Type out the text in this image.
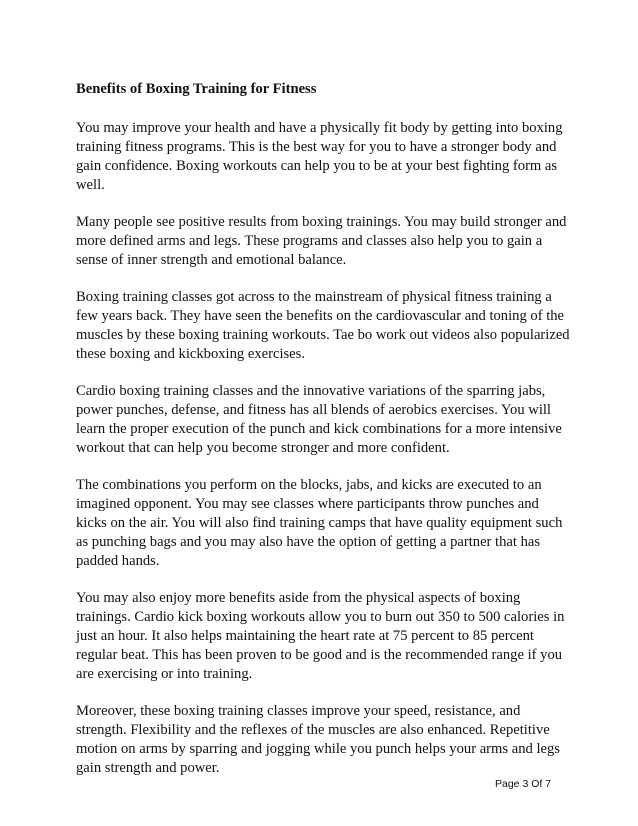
Benefits of Boxing Training for Fitness

You may improve your health and have a physically fit body by getting into boxing training fitness programs. This is the best way for you to have a stronger body and gain confidence. Boxing workouts can help you to be at your best fighting form as well.

Many people see positive results from boxing trainings. You may build stronger and more defined arms and legs. These programs and classes also help you to gain a sense of inner strength and emotional balance.

Boxing training classes got across to the mainstream of physical fitness training a few years back. They have seen the benefits on the cardiovascular and toning of the muscles by these boxing training workouts. Tae bo work out videos also popularized these boxing and kickboxing exercises.

Cardio boxing training classes and the innovative variations of the sparring jabs, power punches, defense, and fitness has all blends of aerobics exercises. You will learn the proper execution of the punch and kick combinations for a more intensive workout that can help you become stronger and more confident.

The combinations you perform on the blocks, jabs, and kicks are executed to an imagined opponent. You may see classes where participants throw punches and kicks on the air. You will also find training camps that have quality equipment such as punching bags and you may also have the option of getting a partner that has padded hands.

You may also enjoy more benefits aside from the physical aspects of boxing trainings. Cardio kick boxing workouts allow you to burn out 350 to 500 calories in just an hour. It also helps maintaining the heart rate at 75 percent to 85 percent regular beat. This has been proven to be good and is the recommended range if you are exercising or into training.

Moreover, these boxing training classes improve your speed, resistance, and strength. Flexibility and the reflexes of the muscles are also enhanced. Repetitive motion on arms by sparring and jogging while you punch helps your arms and legs gain strength and power.

Page 3 Of 7
